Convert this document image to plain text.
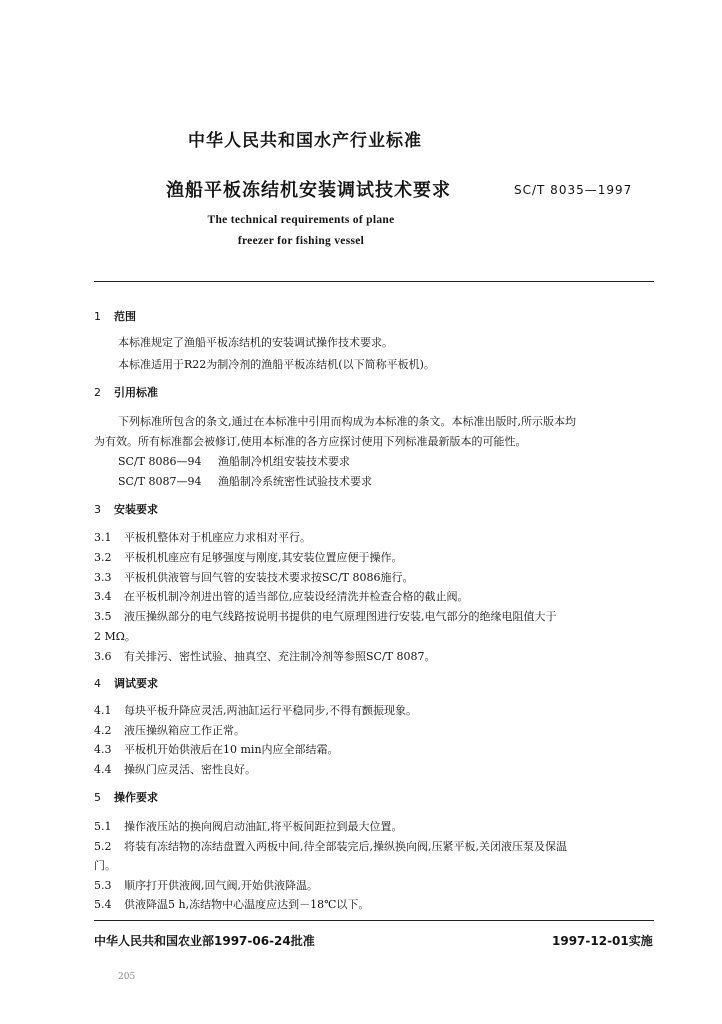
中华人民共和国水产行业标准
渔船平板冻结机安装调试技术要求	SC/T 8035—1997
The technical requirements of plane
freezer for fishing vessel
1 范围
本标准规定了渔船平板冻结机的安装调试操作技术要求。
本标准适用于R22为制冷剂的渔船平板冻结机(以下简称平板机)。
2 引用标准
下列标准所包含的条文,通过在本标准中引用而构成为本标准的条文。本标准出版时,所示版本均
为有效。所有标准都会被修订,使用本标准的各方应探讨使用下列标准最新版本的可能性。
SC/T 8086—94 渔船制冷机组安装技术要求
SC/T 8087—94 渔船制冷系统密性试验技术要求
3 安装要求
3.1 平板机整体对于机座应力求相对平行。
3.2 平板机机座应有足够强度与刚度,其安装位置应便于操作。
3.3 平板机供液管与回气管的安装技术要求按SC/T 8086施行。
3.4 在平板机制冷剂进出管的适当部位,应装设经清洗并检查合格的截止阀。
3.5 液压操纵部分的电气线路按说明书提供的电气原理图进行安装,电气部分的绝缘电阻值大于
2 MΩ。
3.6 有关排污、密性试验、抽真空、充注制冷剂等参照SC/T 8087。
4 调试要求
4.1 每块平板升降应灵活,两油缸运行平稳同步,不得有颤振现象。
4.2 液压操纵箱应工作正常。
4.3 平板机开始供液后在10 min内应全部结霜。
4.4 操纵门应灵活、密性良好。
5 操作要求
5.1 操作液压站的换向阀启动油缸,将平板间距拉到最大位置。
5.2 将装有冻结物的冻结盘置入两板中间,待全部装完后,操纵换向阀,压紧平板,关闭液压泵及保温
门。
5.3 顺序打开供液阀,回气阀,开始供液降温。
5.4 供液降温5 h,冻结物中心温度应达到－18℃以下。
中华人民共和国农业部1997-06-24批准	1997-12-01实施
205
